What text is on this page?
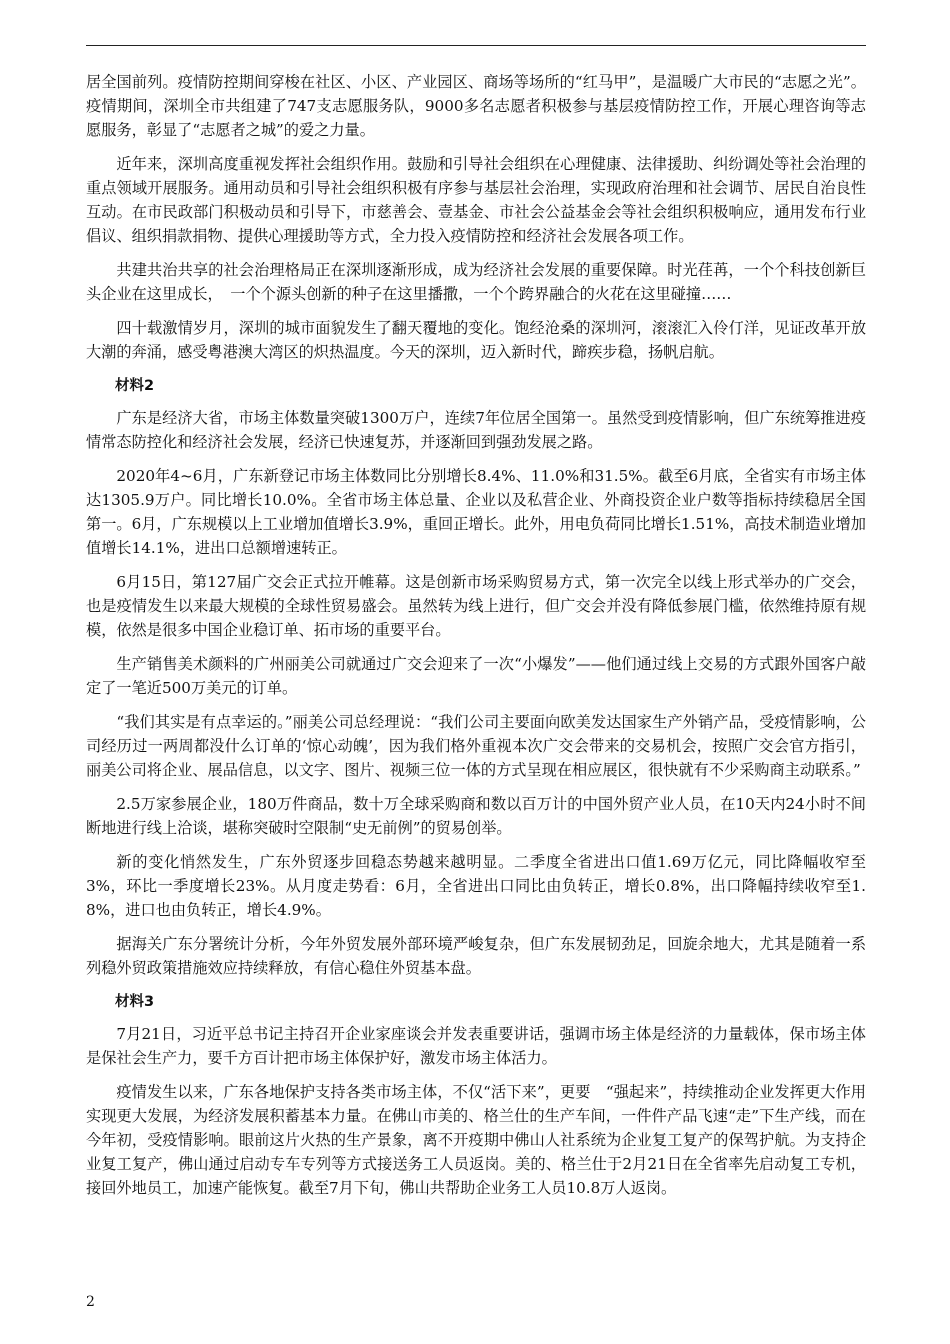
居全国前列。疫情防控期间穿梭在社区、小区、产业园区、商场等场所的“红马甲”，是温暖广大市民的“志愿之光”。疫情期间，深圳全市共组建了747支志愿服务队，9000多名志愿者积极参与基层疫情防控工作，开展心理咨询等志愿服务，彰显了“志愿者之城”的爱之力量。

近年来，深圳高度重视发挥社会组织作用。鼓励和引导社会组织在心理健康、法律援助、纠纷调处等社会治理的重点领域开展服务。通用动员和引导社会组织积极有序参与基层社会治理，实现政府治理和社会调节、居民自治良性互动。在市民政部门积极动员和引导下，市慈善会、壹基金、市社会公益基金会等社会组织积极响应，通用发布行业倡议、组织捐款捐物、提供心理援助等方式，全力投入疫情防控和经济社会发展各项工作。

共建共治共享的社会治理格局正在深圳逐渐形成，成为经济社会发展的重要保障。时光荏苒，一个个科技创新巨头企业在这里成长，　一个个源头创新的种子在这里播撒，一个个跨界融合的火花在这里碰撞……

四十载激情岁月，深圳的城市面貌发生了翻天覆地的变化。饱经沧桑的深圳河，滚滚汇入伶仃洋，见证改革开放大潮的奔涌，感受粤港澳大湾区的炽热温度。今天的深圳，迈入新时代，蹄疾步稳，扬帆启航。

材料2

广东是经济大省，市场主体数量突破1300万户，连续7年位居全国第一。虽然受到疫情影响，但广东统筹推进疫情常态防控化和经济社会发展，经济已快速复苏，并逐渐回到强劲发展之路。

2020年4~6月，广东新登记市场主体数同比分别增长8.4%、11.0%和31.5%。截至6月底，全省实有市场主体达1305.9万户。同比增长10.0%。全省市场主体总量、企业以及私营企业、外商投资企业户数等指标持续稳居全国第一。6月，广东规模以上工业增加值增长3.9%，重回正增长。此外，用电负荷同比增长1.51%，高技术制造业增加值增长14.1%，进出口总额增速转正。

6月15日，第127届广交会正式拉开帷幕。这是创新市场采购贸易方式，第一次完全以线上形式举办的广交会，也是疫情发生以来最大规模的全球性贸易盛会。虽然转为线上进行，但广交会并没有降低参展门槛，依然维持原有规模，依然是很多中国企业稳订单、拓市场的重要平台。

生产销售美术颜料的广州丽美公司就通过广交会迎来了一次“小爆发”——他们通过线上交易的方式跟外国客户敲定了一笔近500万美元的订单。

“我们其实是有点幸运的。”丽美公司总经理说：“我们公司主要面向欧美发达国家生产外销产品，受疫情影响，公司经历过一两周都没什么订单的‘惊心动魄’，因为我们格外重视本次广交会带来的交易机会，按照广交会官方指引，丽美公司将企业、展品信息，以文字、图片、视频三位一体的方式呈现在相应展区，很快就有不少采购商主动联系。”

2.5万家参展企业，180万件商品，数十万全球采购商和数以百万计的中国外贸产业人员，在10天内24小时不间断地进行线上洽谈，堪称突破时空限制“史无前例”的贸易创举。

新的变化悄然发生，广东外贸逐步回稳态势越来越明显。二季度全省进出口值1.69万亿元，同比降幅收窄至3%，环比一季度增长23%。从月度走势看：6月，全省进出口同比由负转正，增长0.8%，出口降幅持续收窄至1.8%，进口也由负转正，增长4.9%。

据海关广东分署统计分析，今年外贸发展外部环境严峻复杂，但广东发展韧劲足，回旋余地大，尤其是随着一系列稳外贸政策措施效应持续释放，有信心稳住外贸基本盘。

材料3

7月21日，习近平总书记主持召开企业家座谈会并发表重要讲话，强调市场主体是经济的力量载体，保市场主体是保社会生产力，要千方百计把市场主体保护好，激发市场主体活力。

疫情发生以来，广东各地保护支持各类市场主体，不仅“活下来”，更要　“强起来”，持续推动企业发挥更大作用实现更大发展，为经济发展积蓄基本力量。在佛山市美的、格兰仕的生产车间，一件件产品飞速“走”下生产线，而在今年初，受疫情影响。眼前这片火热的生产景象，离不开疫期中佛山人社系统为企业复工复产的保驾护航。为支持企业复工复产，佛山通过启动专车专列等方式接送务工人员返岗。美的、格兰仕于2月21日在全省率先启动复工专机，接回外地员工，加速产能恢复。截至7月下旬，佛山共帮助企业务工人员10.8万人返岗。

2
